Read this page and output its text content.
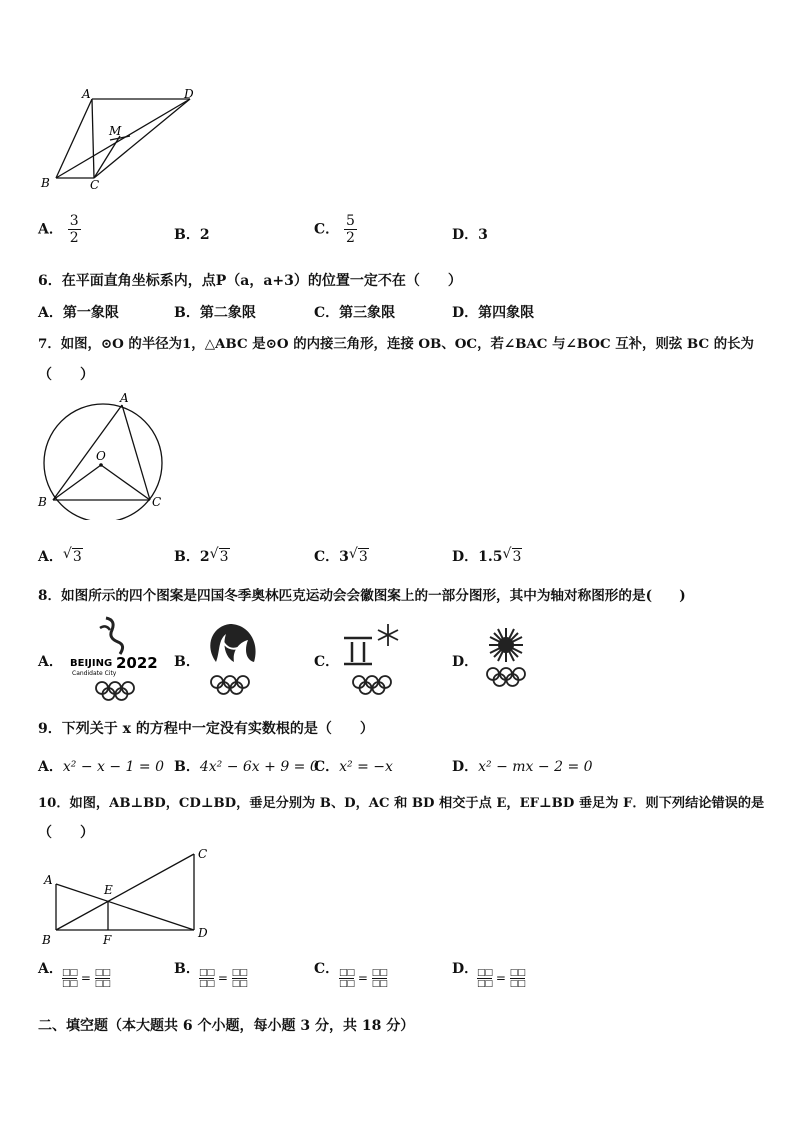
A	D
M
B	C
A． $\frac{3}{2}$	B．2	C． $\frac{5}{2}$	D．3
6．在平面直角坐标系内，点P（a，a+3）的位置一定不在（　　）
A．第一象限	B．第二象限	C．第三象限	D．第四象限
7．如图，⊙O 的半径为1，△ABC 是⊙O 的内接三角形，连接 OB、OC，若∠BAC 与∠BOC 互补，则弦 BC 的长为
（　　）
A
O
B	C
A． √ 3	B．2 √ 3	C．3 √ 3	D．1.5 √ 3
8．如图所示的四个图案是四国冬季奥林匹克运动会会徽图案上的一部分图形，其中为轴对称图形的是(　　)
A． BEIJING 2022
Candidate City
B．	C．	D．
9．下列关于 x 的方程中一定没有实数根的是（　　）
A．x² − x − 1 = 0 B．4x² − 6x + 9 = 0
C．x² = −x	D．x² − mx − 2 = 0
10．如图，AB⊥BD，CD⊥BD，垂足分别为 B、D，AC 和 BD 相交于点 E，EF⊥BD 垂足为 F．则下列结论错误的是
（　　）
A
C
E
B	F	D
A． □□
□□ = □□
□□
B． □□
□□ = □□
□□
C． □□
□□ = □□
□□
D．
□□
□□ = □□
□□
二、填空题（本大题共 6 个小题，每小题 3 分，共 18 分）
